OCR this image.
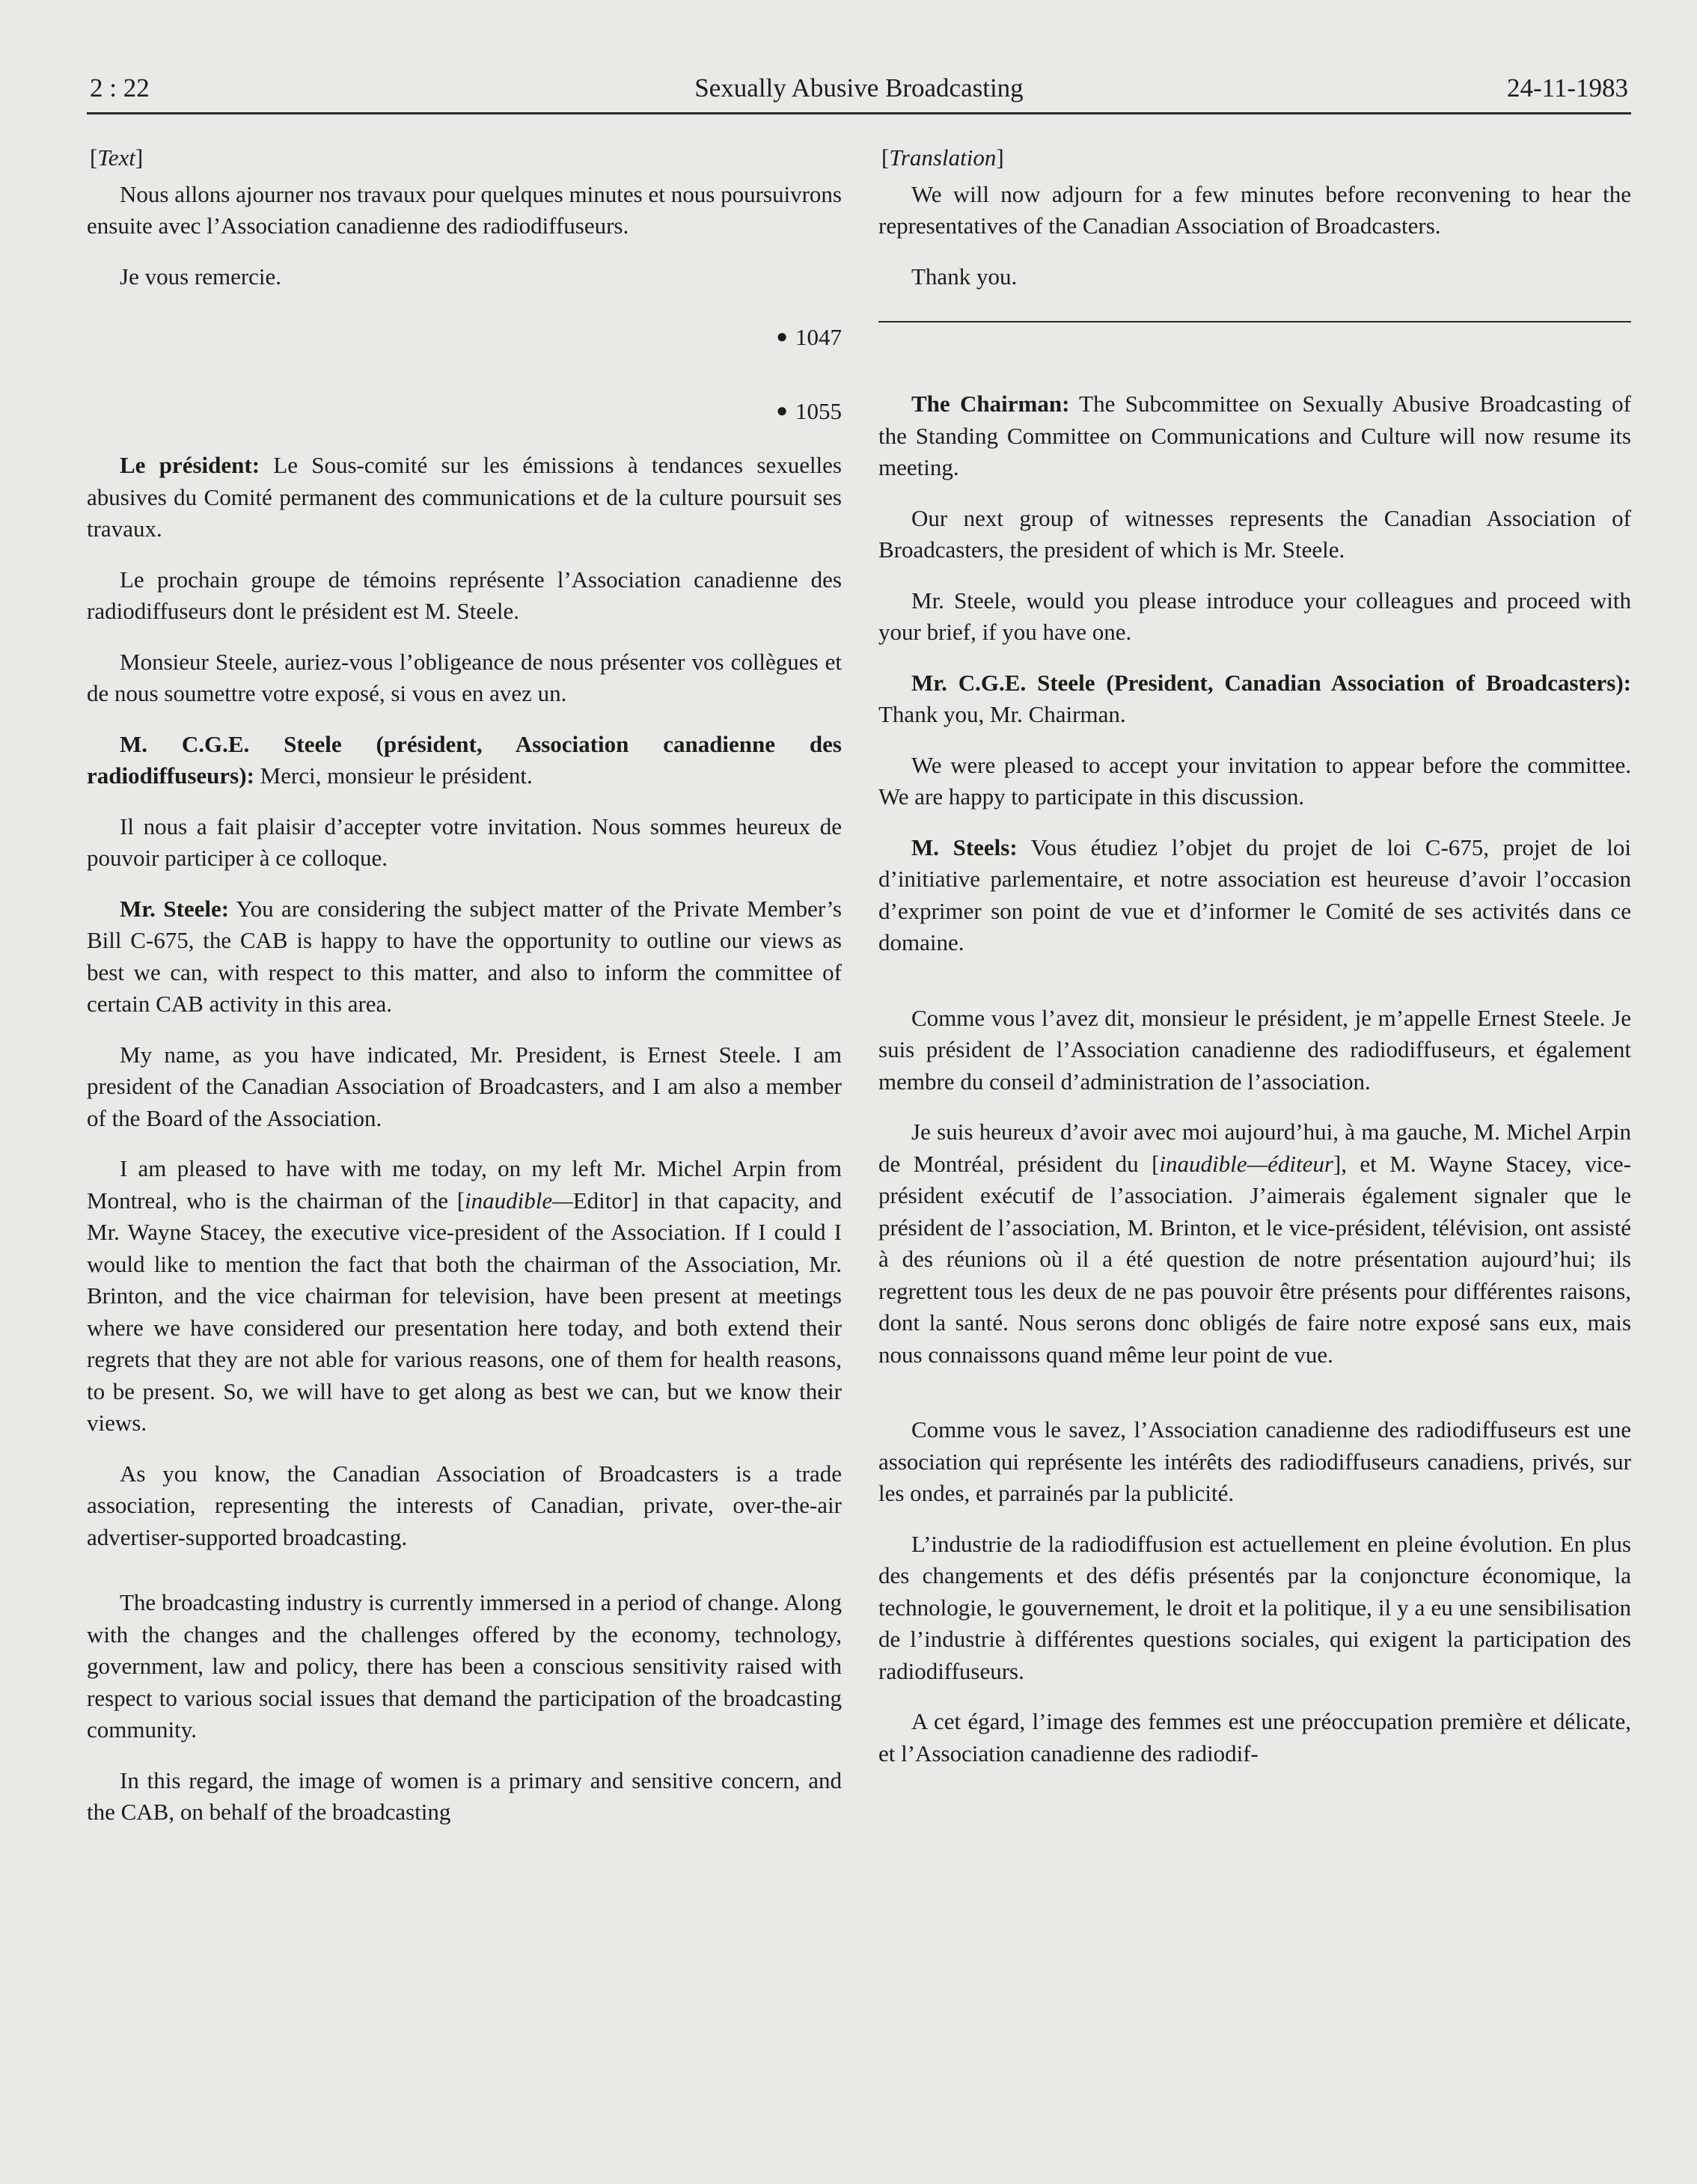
2 : 22	Sexually Abusive Broadcasting	24-11-1983

[Text]

Nous allons ajourner nos travaux pour quelques minutes et nous poursuivrons ensuite avec l’Association canadienne des radiodiffuseurs.

Je vous remercie.

● 1047
● 1055

Le président: Le Sous-comité sur les émissions à tendances sexuelles abusives du Comité permanent des communications et de la culture poursuit ses travaux.

Le prochain groupe de témoins représente l’Association canadienne des radiodiffuseurs dont le président est M. Steele.

Monsieur Steele, auriez-vous l’obligeance de nous présenter vos collègues et de nous soumettre votre exposé, si vous en avez un.

M. C.G.E. Steele (président, Association canadienne des radiodiffuseurs): Merci, monsieur le président.

Il nous a fait plaisir d’accepter votre invitation. Nous sommes heureux de pouvoir participer à ce colloque.

Mr. Steele: You are considering the subject matter of the Private Member’s Bill C-675, the CAB is happy to have the opportunity to outline our views as best we can, with respect to this matter, and also to inform the committee of certain CAB activity in this area.

My name, as you have indicated, Mr. President, is Ernest Steele. I am president of the Canadian Association of Broadcasters, and I am also a member of the Board of the Association.

I am pleased to have with me today, on my left Mr. Michel Arpin from Montreal, who is the chairman of the [inaudible—Editor] in that capacity, and Mr. Wayne Stacey, the executive vice-president of the Association. If I could I would like to mention the fact that both the chairman of the Association, Mr. Brinton, and the vice chairman for television, have been present at meetings where we have considered our presentation here today, and both extend their regrets that they are not able for various reasons, one of them for health reasons, to be present. So, we will have to get along as best we can, but we know their views.

As you know, the Canadian Association of Broadcasters is a trade association, representing the interests of Canadian, private, over-the-air advertiser-supported broadcasting.

The broadcasting industry is currently immersed in a period of change. Along with the changes and the challenges offered by the economy, technology, government, law and policy, there has been a conscious sensitivity raised with respect to various social issues that demand the participation of the broadcasting community.

In this regard, the image of women is a primary and sensitive concern, and the CAB, on behalf of the broadcasting

[Translation]

We will now adjourn for a few minutes before reconvening to hear the representatives of the Canadian Association of Broadcasters.

Thank you.

The Chairman: The Subcommittee on Sexually Abusive Broadcasting of the Standing Committee on Communications and Culture will now resume its meeting.

Our next group of witnesses represents the Canadian Association of Broadcasters, the president of which is Mr. Steele.

Mr. Steele, would you please introduce your colleagues and proceed with your brief, if you have one.

Mr. C.G.E. Steele (President, Canadian Association of Broadcasters): Thank you, Mr. Chairman.

We were pleased to accept your invitation to appear before the committee. We are happy to participate in this discussion.

M. Steels: Vous étudiez l’objet du projet de loi C-675, projet de loi d’initiative parlementaire, et notre association est heureuse d’avoir l’occasion d’exprimer son point de vue et d’informer le Comité de ses activités dans ce domaine.

Comme vous l’avez dit, monsieur le président, je m’appelle Ernest Steele. Je suis président de l’Association canadienne des radiodiffuseurs, et également membre du conseil d’administration de l’association.

Je suis heureux d’avoir avec moi aujourd’hui, à ma gauche, M. Michel Arpin de Montréal, président du [inaudible—éditeur], et M. Wayne Stacey, vice-président exécutif de l’association. J’aimerais également signaler que le président de l’association, M. Brinton, et le vice-président, télévision, ont assisté à des réunions où il a été question de notre présentation aujourd’hui; ils regrettent tous les deux de ne pas pouvoir être présents pour différentes raisons, dont la santé. Nous serons donc obligés de faire notre exposé sans eux, mais nous connaissons quand même leur point de vue.

Comme vous le savez, l’Association canadienne des radiodiffuseurs est une association qui représente les intérêts des radiodiffuseurs canadiens, privés, sur les ondes, et parrainés par la publicité.

L’industrie de la radiodiffusion est actuellement en pleine évolution. En plus des changements et des défis présentés par la conjoncture économique, la technologie, le gouvernement, le droit et la politique, il y a eu une sensibilisation de l’industrie à différentes questions sociales, qui exigent la participation des radiodiffuseurs.

A cet égard, l’image des femmes est une préoccupation première et délicate, et l’Association canadienne des radiodif-
